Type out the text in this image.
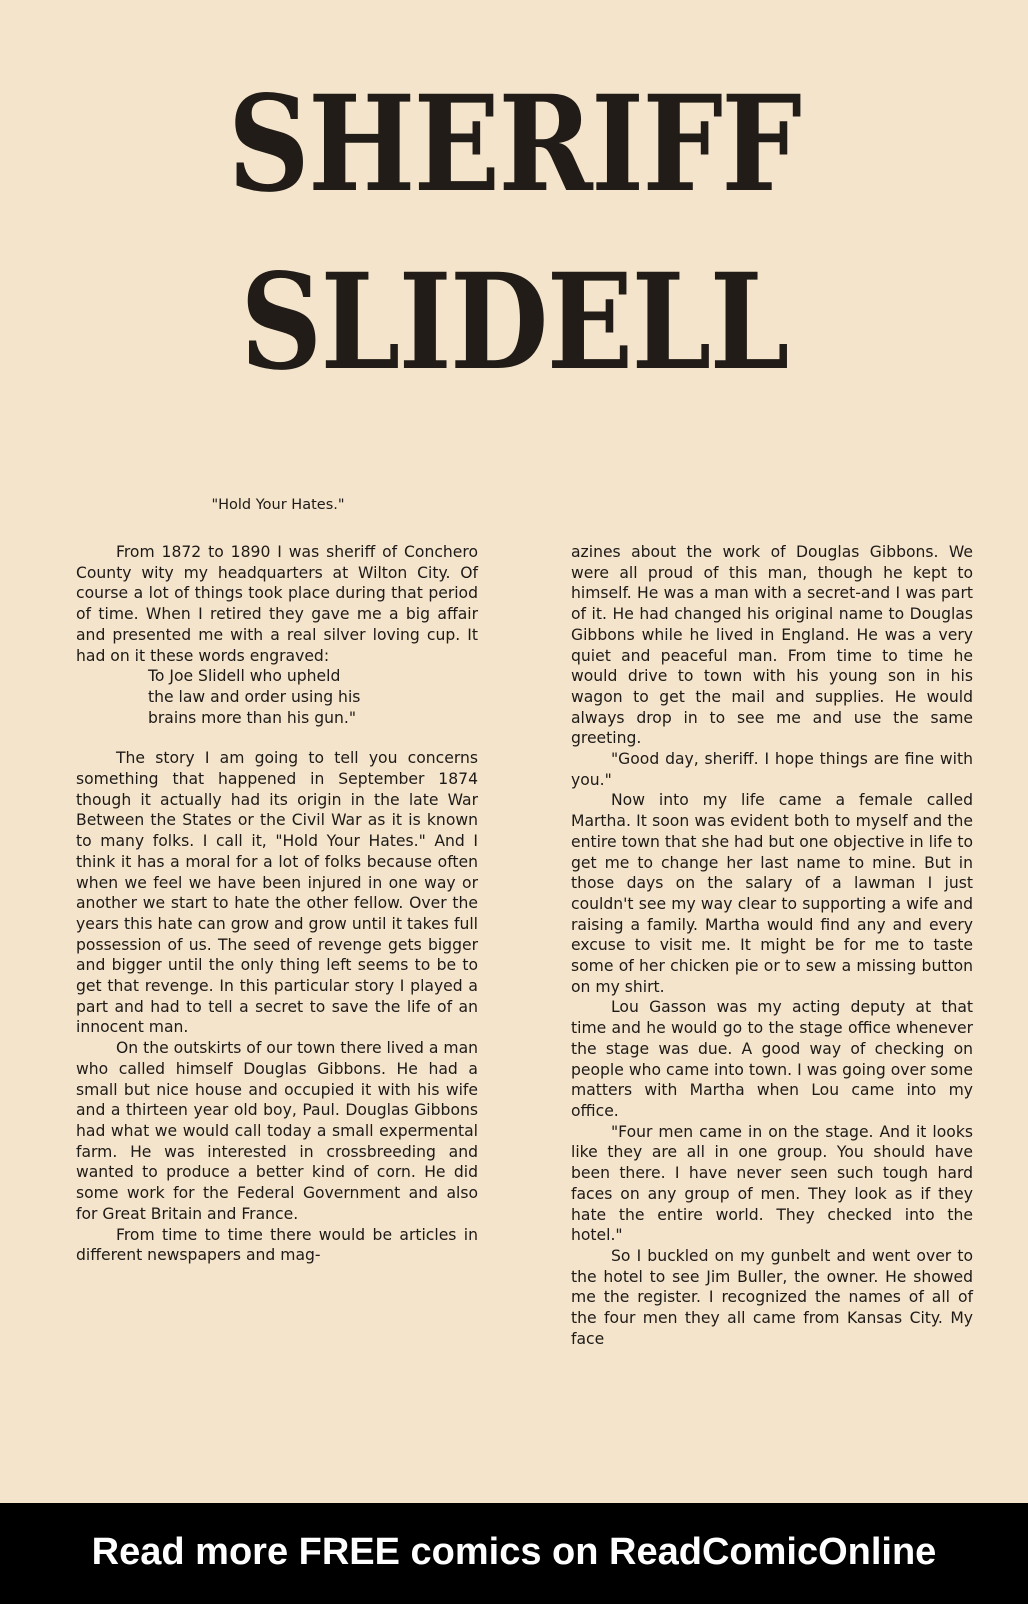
SHERIFF
SLIDELL
"Hold Your Hates."

From 1872 to 1890 I was sheriff of Conchero County wity my headquarters at Wilton City. Of course a lot of things took place during that period of time. When I retired they gave me a big affair and presented me with a real silver loving cup. It had on it these words engraved:

To Joe Slidell who upheld
the law and order using his
brains more than his gun."

The story I am going to tell you concerns something that happened in September 1874 though it actually had its origin in the late War Between the States or the Civil War as it is known to many folks. I call it, "Hold Your Hates." And I think it has a moral for a lot of folks because often when we feel we have been injured in one way or another we start to hate the other fellow. Over the years this hate can grow and grow until it takes full possession of us. The seed of revenge gets bigger and bigger until the only thing left seems to be to get that revenge. In this particular story I played a part and had to tell a secret to save the life of an innocent man.

On the outskirts of our town there lived a man who called himself Douglas Gibbons. He had a small but nice house and occupied it with his wife and a thirteen year old boy, Paul. Douglas Gibbons had what we would call today a small expermental farm. He was interested in crossbreeding and wanted to produce a better kind of corn. He did some work for the Federal Government and also for Great Britain and France.

From time to time there would be articles in different newspapers and mag-

azines about the work of Douglas Gibbons. We were all proud of this man, though he kept to himself. He was a man with a secret-and I was part of it. He had changed his original name to Douglas Gibbons while he lived in England. He was a very quiet and peaceful man. From time to time he would drive to town with his young son in his wagon to get the mail and supplies. He would always drop in to see me and use the same greeting.

"Good day, sheriff. I hope things are fine with you."

Now into my life came a female called Martha. It soon was evident both to myself and the entire town that she had but one objective in life to get me to change her last name to mine. But in those days on the salary of a lawman I just couldn't see my way clear to supporting a wife and raising a family. Martha would find any and every excuse to visit me. It might be for me to taste some of her chicken pie or to sew a missing button on my shirt.

Lou Gasson was my acting deputy at that time and he would go to the stage office whenever the stage was due. A good way of checking on people who came into town. I was going over some matters with Martha when Lou came into my office.

"Four men came in on the stage. And it looks like they are all in one group. You should have been there. I have never seen such tough hard faces on any group of men. They look as if they hate the entire world. They checked into the hotel."

So I buckled on my gunbelt and went over to the hotel to see Jim Buller, the owner. He showed me the register. I recognized the names of all of the four men they all came from Kansas City. My face

Read more FREE comics on ReadComicOnline
